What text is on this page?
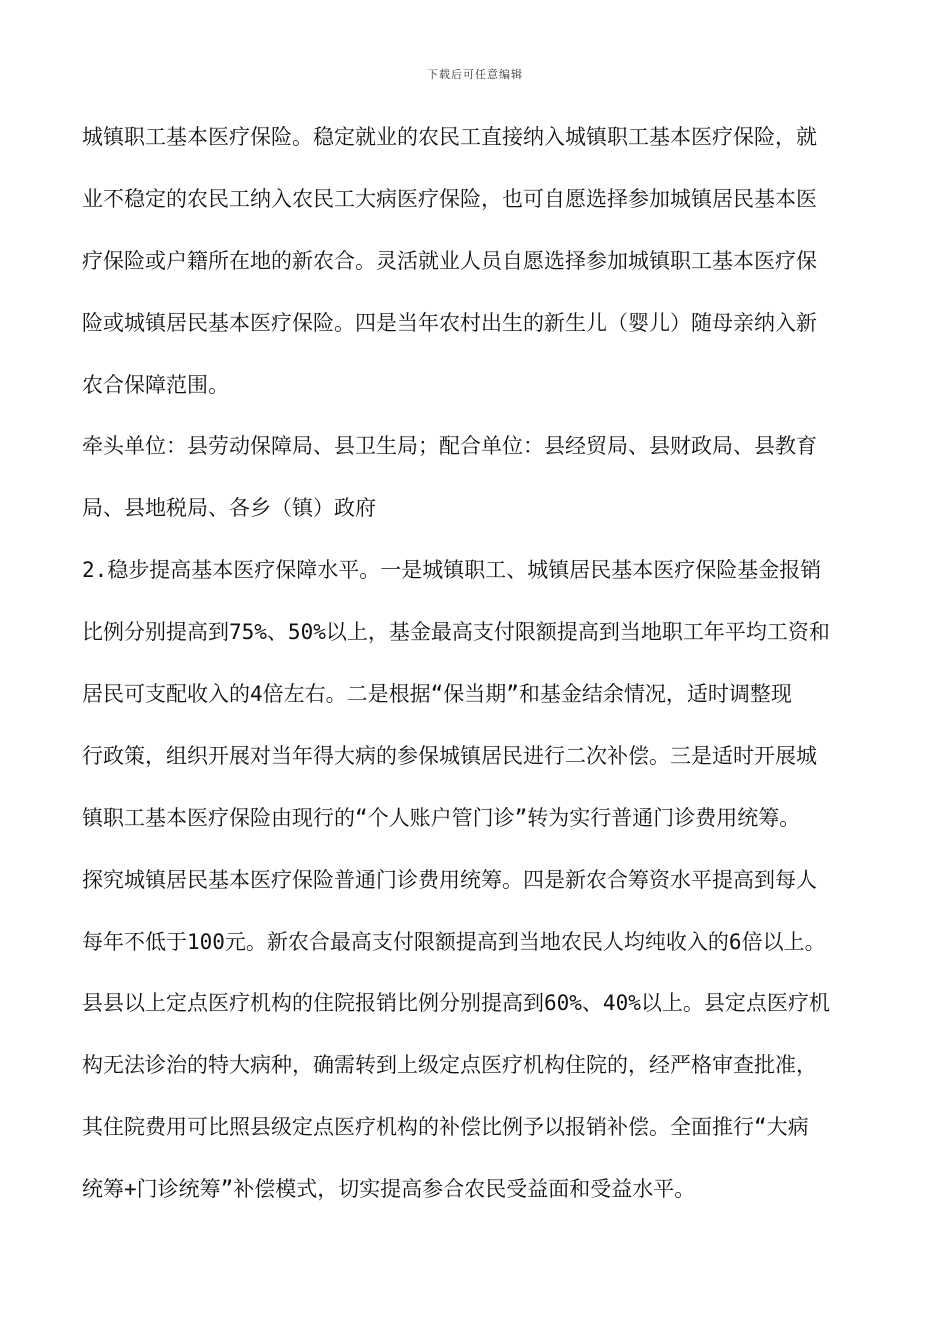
下载后可任意编辑
城镇职工基本医疗保险。稳定就业的农民工直接纳入城镇职工基本医疗保险，就
业不稳定的农民工纳入农民工大病医疗保险，也可自愿选择参加城镇居民基本医
疗保险或户籍所在地的新农合。灵活就业人员自愿选择参加城镇职工基本医疗保
险或城镇居民基本医疗保险。四是当年农村出生的新生儿（婴儿）随母亲纳入新
农合保障范围。
牵头单位：县劳动保障局、县卫生局；配合单位：县经贸局、县财政局、县教育
局、县地税局、各乡（镇）政府
2.稳步提高基本医疗保障水平。一是城镇职工、城镇居民基本医疗保险基金报销
比例分别提高到75%、50%以上，基金最高支付限额提高到当地职工年平均工资和
居民可支配收入的4倍左右。二是根据“保当期”和基金结余情况，适时调整现
行政策，组织开展对当年得大病的参保城镇居民进行二次补偿。三是适时开展城
镇职工基本医疗保险由现行的“个人账户管门诊”转为实行普通门诊费用统筹。
探究城镇居民基本医疗保险普通门诊费用统筹。四是新农合筹资水平提高到每人
每年不低于100元。新农合最高支付限额提高到当地农民人均纯收入的6倍以上。
县县以上定点医疗机构的住院报销比例分别提高到60%、40%以上。县定点医疗机
构无法诊治的特大病种，确需转到上级定点医疗机构住院的，经严格审查批准，
其住院费用可比照县级定点医疗机构的补偿比例予以报销补偿。全面推行“大病
统筹+门诊统筹”补偿模式，切实提高参合农民受益面和受益水平。
